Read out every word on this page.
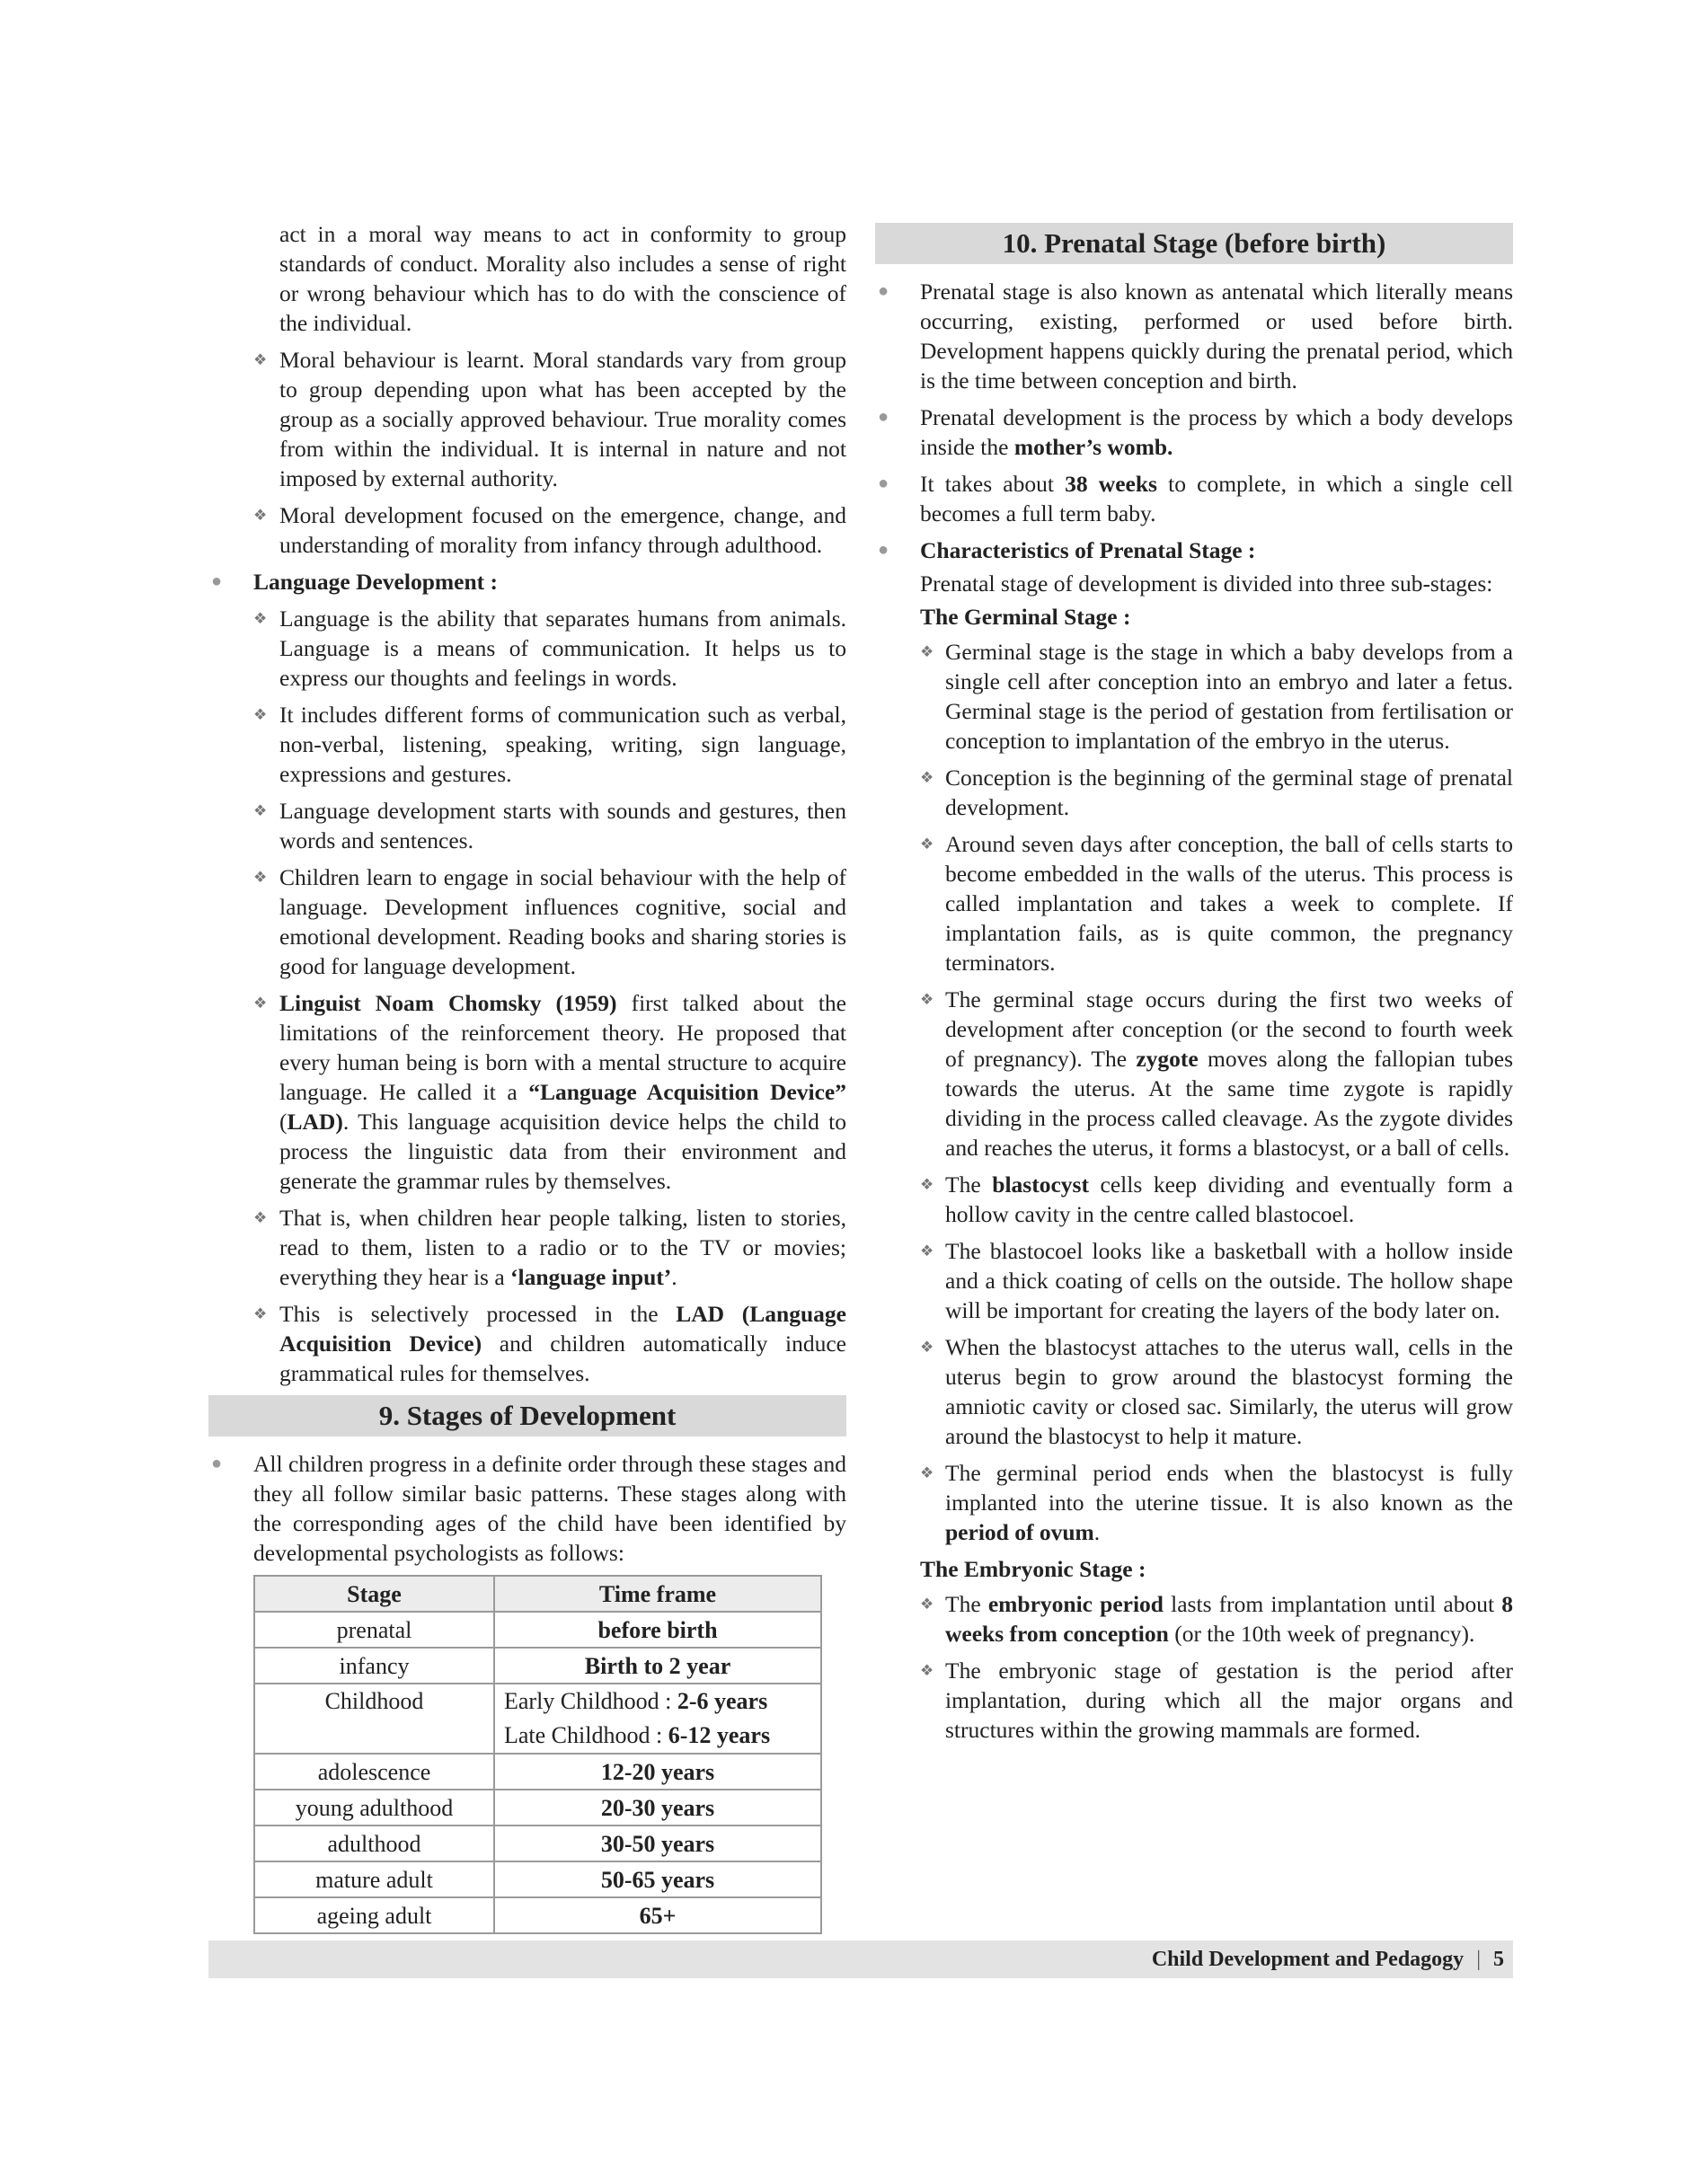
act in a moral way means to act in conformity to group standards of conduct. Morality also includes a sense of right or wrong behaviour which has to do with the conscience of the individual.

❖ Moral behaviour is learnt. Moral standards vary from group to group depending upon what has been accepted by the group as a socially approved behaviour. True morality comes from within the individual. It is internal in nature and not imposed by external authority.

❖ Moral development focused on the emergence, change, and understanding of morality from infancy through adulthood.

● Language Development :

❖ Language is the ability that separates humans from animals. Language is a means of communication. It helps us to express our thoughts and feelings in words.

❖ It includes different forms of communication such as verbal, non-verbal, listening, speaking, writing, sign language, expressions and gestures.

❖ Language development starts with sounds and gestures, then words and sentences.

❖ Children learn to engage in social behaviour with the help of language. Development influences cognitive, social and emotional development. Reading books and sharing stories is good for language development.

❖ Linguist Noam Chomsky (1959) first talked about the limitations of the reinforcement theory. He proposed that every human being is born with a mental structure to acquire language. He called it a “Language Acquisition Device” (LAD). This language acquisition device helps the child to process the linguistic data from their environment and generate the grammar rules by themselves.

❖ That is, when children hear people talking, listen to stories, read to them, listen to a radio or to the TV or movies; everything they hear is a ‘language input’.

❖ This is selectively processed in the LAD (Language Acquisition Device) and children automatically induce grammatical rules for themselves.

9. Stages of Development

● All children progress in a definite order through these stages and they all follow similar basic patterns. These stages along with the corresponding ages of the child have been identified by developmental psychologists as follows:

Stage	Time frame
prenatal	before birth
infancy	Birth to 2 year
Childhood	Early Childhood : 2-6 years
Late Childhood : 6-12 years

adolescence	12-20 years
young adulthood	20-30 years
adulthood	30-50 years
mature adult	50-65 years
ageing adult	65+
10. Prenatal Stage (before birth)

● Prenatal stage is also known as antenatal which literally means occurring, existing, performed or used before birth. Development happens quickly during the prenatal period, which is the time between conception and birth.

● Prenatal development is the process by which a body develops inside the mother’s womb.

● It takes about 38 weeks to complete, in which a single cell becomes a full term baby.

● Characteristics of Prenatal Stage :

Prenatal stage of development is divided into three sub-stages:

The Germinal Stage :

❖ Germinal stage is the stage in which a baby develops from a single cell after conception into an embryo and later a fetus. Germinal stage is the period of gestation from fertilisation or conception to implantation of the embryo in the uterus.

❖ Conception is the beginning of the germinal stage of prenatal development.

❖ Around seven days after conception, the ball of cells starts to become embedded in the walls of the uterus. This process is called implantation and takes a week to complete. If implantation fails, as is quite common, the pregnancy terminators.

❖ The germinal stage occurs during the first two weeks of development after conception (or the second to fourth week of pregnancy). The zygote moves along the fallopian tubes towards the uterus. At the same time zygote is rapidly dividing in the process called cleavage. As the zygote divides and reaches the uterus, it forms a blastocyst, or a ball of cells.

❖ The blastocyst cells keep dividing and eventually form a hollow cavity in the centre called blastocoel.

❖ The blastocoel looks like a basketball with a hollow inside and a thick coating of cells on the outside. The hollow shape will be important for creating the layers of the body later on.

❖ When the blastocyst attaches to the uterus wall, cells in the uterus begin to grow around the blastocyst forming the amniotic cavity or closed sac. Similarly, the uterus will grow around the blastocyst to help it mature.

❖ The germinal period ends when the blastocyst is fully implanted into the uterine tissue. It is also known as the period of ovum.

The Embryonic Stage :

❖ The embryonic period lasts from implantation until about 8 weeks from conception (or the 10th week of pregnancy).

❖ The embryonic stage of gestation is the period after implantation, during which all the major organs and structures within the growing mammals are formed.

Child Development and Pedagogy | 5
